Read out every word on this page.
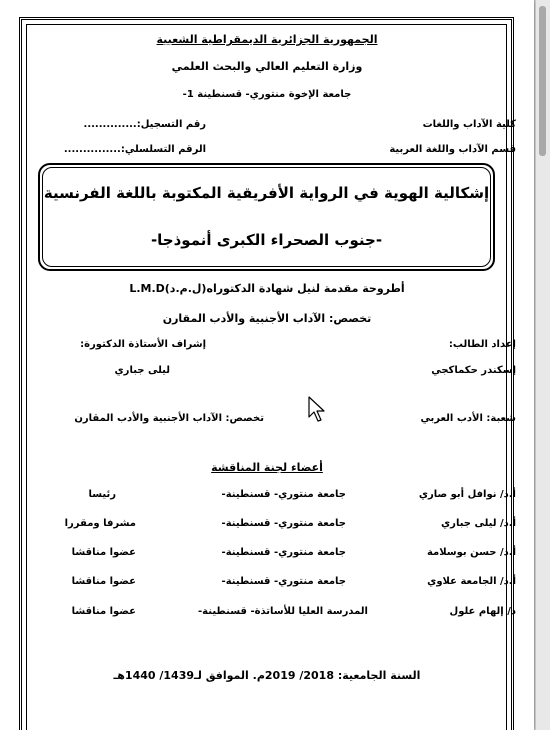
الجمهورية الجزائرية الديمقراطية الشعبية
وزارة التعليم العالي والبحث العلمي
جامعة الإخوة منتوري- قسنطينة 1-
كلية الآداب واللغات
رقم التسجيل:..............
قسم الآداب واللغة العربية
الرقم التسلسلي:...............
إشكالية الهوية في الرواية الأفريقية المكتوبة باللغة الفرنسية
-جنوب الصحراء الكبرى أنموذجا-
أطروحة مقدمة لنيل شهادة الدكتوراه(ل.م.د)L.M.D
تخصص: الآداب الأجنبية والأدب المقارن
إعداد الطالب:
إشراف الأستاذة الدكتورة:
إسكندر حكماكجي
ليلى جباري
شعبة: الأدب العربي
تخصص: الآداب الأجنبية والأدب المقارن
أعضاء لجنة المناقشة
أ.د/ نوافل أبو صاري
جامعة منتوري- قسنطينة-
رئيسا
أ.د/ ليلى جباري
جامعة منتوري- قسنطينة-
مشرفا ومقررا
أ.د/ حسن بوسلامة
جامعة منتوري- قسنطينة-
عضوا مناقشا
أ.د/ الجامعة علاوي
جامعة منتوري- قسنطينة-
عضوا مناقشا
د/ إلهام علول
المدرسة العليا للأساتذة- قسنطينة-
عضوا مناقشا
السنة الجامعية: 2018/ 2019م. الموافق لـ1439/ 1440هـ
